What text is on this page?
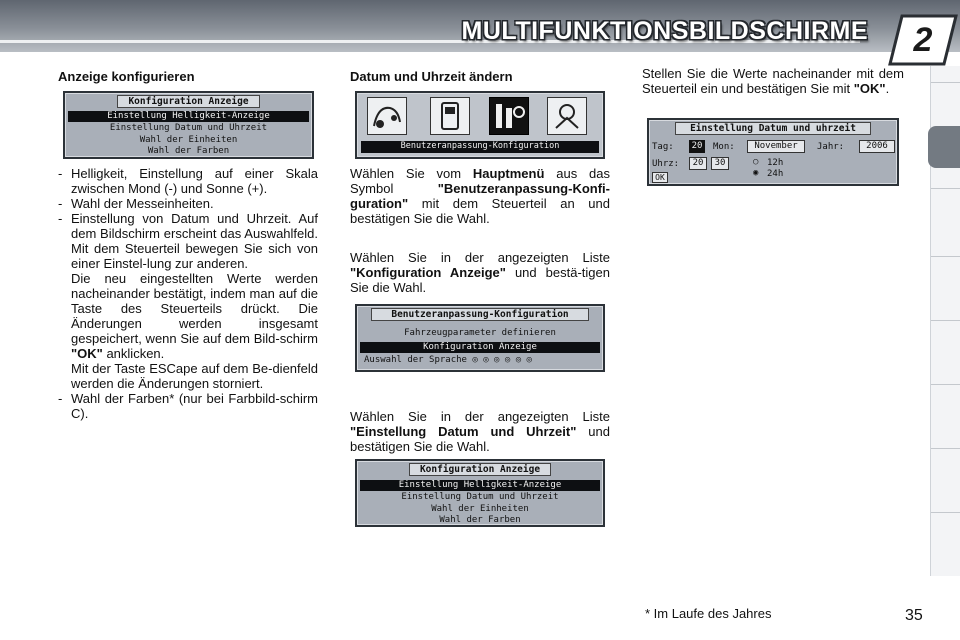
MULTIFUNKTIONSBILDSCHIRME	2
Anzeige konfigurieren
Konfiguration Anzeige
Einstellung Helligkeit-Anzeige
Einstellung Datum und Uhrzeit
Wahl der Einheiten
Wahl der Farben
- Helligkeit, Einstellung auf einer Skala zwischen Mond (-) und Sonne (+).
- Wahl der Messeinheiten.
- Einstellung von Datum und Uhrzeit. Auf dem Bildschirm erscheint das Auswahlfeld. Mit dem Steuerteil bewegen Sie sich von einer Einstel-lung zur anderen.
Die neu eingestellten Werte werden nacheinander bestätigt, indem man auf die Taste des Steuerteils drückt. Die Änderungen werden insgesamt gespeichert, wenn Sie auf dem Bild-schirm "OK" anklicken.
Mit der Taste ESCape auf dem Be-dienfeld werden die Änderungen storniert.
- Wahl der Farben* (nur bei Farbbild-schirm C).
Datum und Uhrzeit ändern
Benutzeranpassung-Konfiguration
Wählen Sie vom Hauptmenü aus das Symbol	"Benutzeranpassung-Konfi-guration" mit dem Steuerteil an und bestätigen Sie die Wahl.
Wählen Sie in der angezeigten Liste "Konfiguration Anzeige" und bestä-tigen Sie die Wahl.
Benutzeranpassung-Konfiguration
Fahrzeugparameter definieren
Konfiguration Anzeige
Auswahl der Sprache ◎ ◎ ◎ ◎ ◎ ◎
Wählen Sie in der angezeigten Liste "Einstellung Datum und Uhrzeit" und bestätigen Sie die Wahl.
Konfiguration Anzeige
Einstellung Helligkeit-Anzeige
Einstellung Datum und Uhrzeit
Wahl der Einheiten
Wahl der Farben
Stellen Sie die Werte nacheinander mit dem Steuerteil ein und bestätigen Sie mit "OK".
Einstellung Datum und uhrzeit
Tag: 20 Mon:	November	Jahr:	2006
Uhrz:	20	30	○ 12h
◉ 24h
OK
* Im Laufe des Jahres	35
